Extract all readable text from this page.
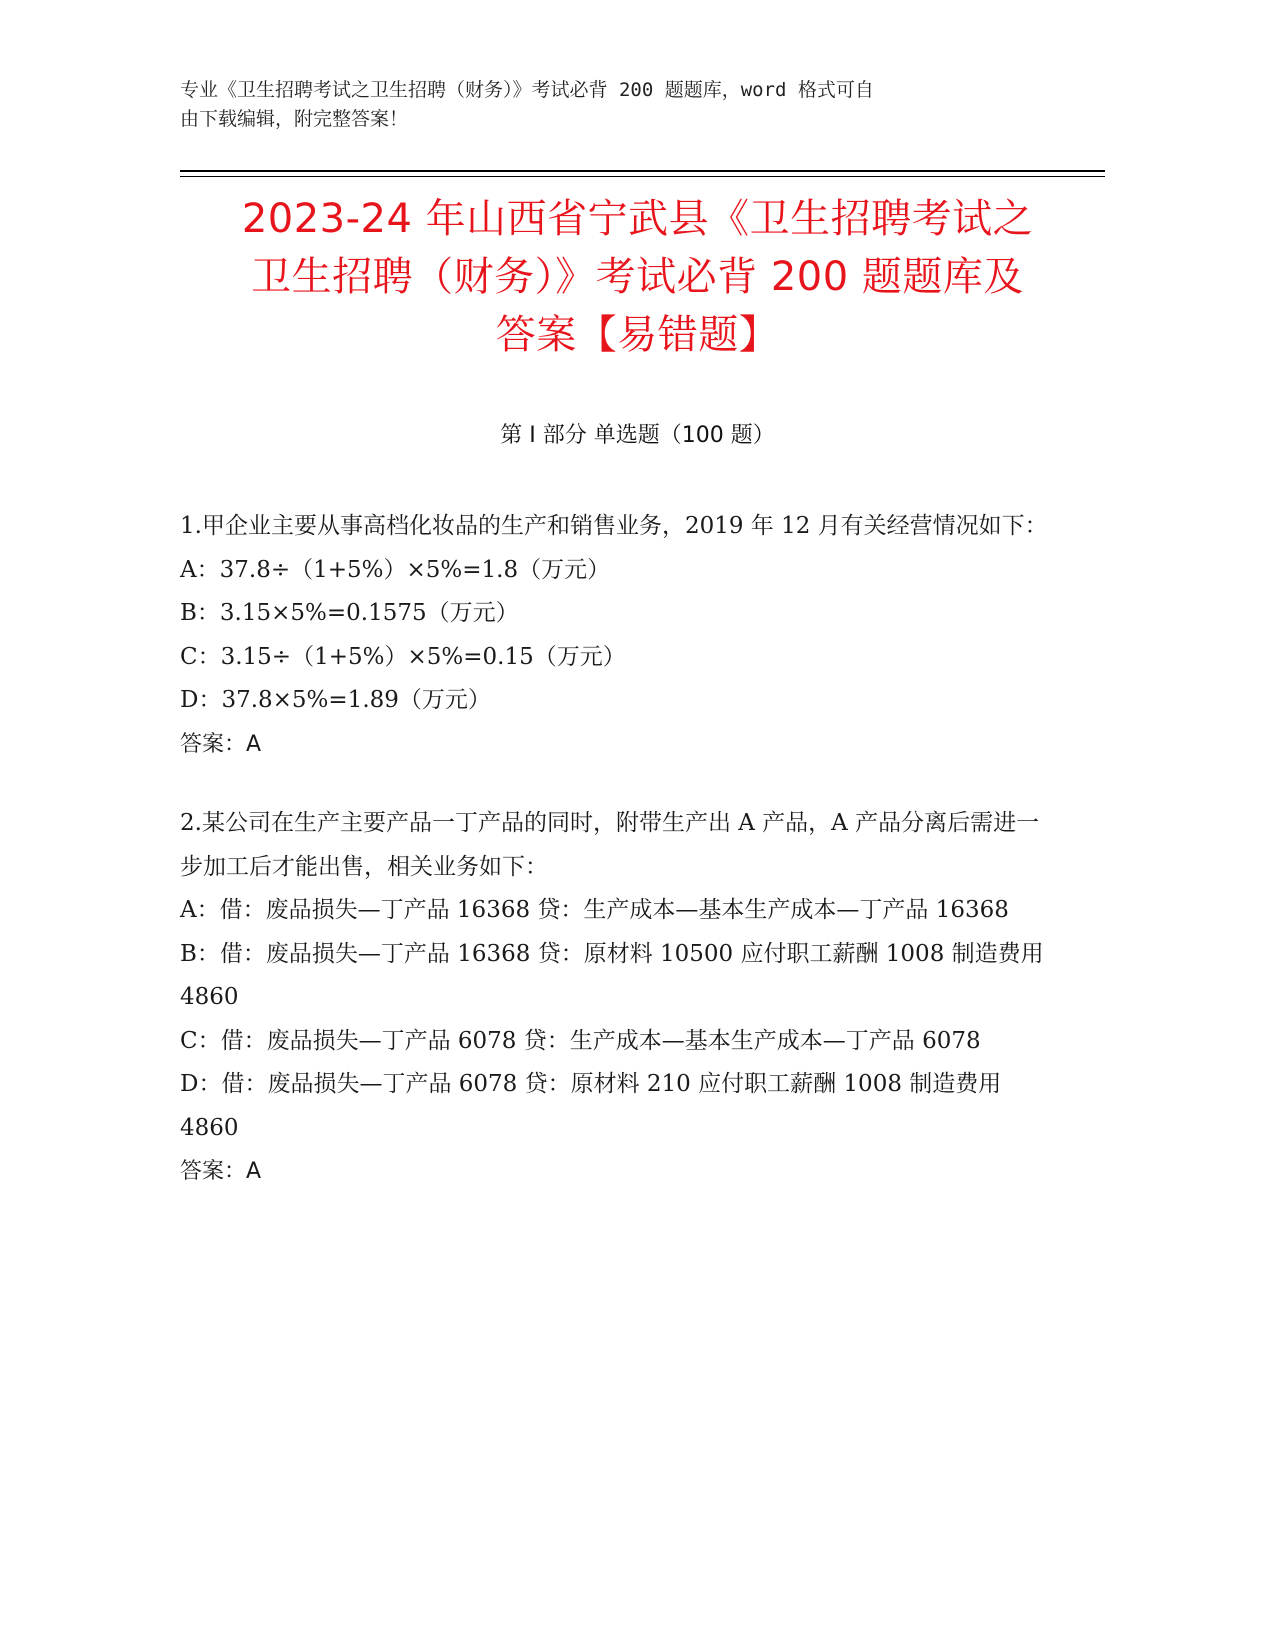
专业《卫生招聘考试之卫生招聘（财务）》考试必背 200 题题库，word 格式可自
由下载编辑，附完整答案！
2023-24 年山西省宁武县《卫生招聘考试之
卫生招聘（财务）》考试必背 200 题题库及
答案【易错题】
第 I 部分 单选题（100 题）

1.甲企业主要从事高档化妆品的生产和销售业务，2019 年 12 月有关经营情况如下：

A：37.8÷（1+5%）×5%=1.8（万元）

B：3.15×5%=0.1575（万元）

C：3.15÷（1+5%）×5%=0.15（万元）

D：37.8×5%=1.89（万元）

答案：A

2.某公司在生产主要产品一丁产品的同时，附带生产出 A 产品，A 产品分离后需进一步加工后才能出售，相关业务如下：

A：借：废品损失—丁产品 16368 贷：生产成本—基本生产成本—丁产品 16368

B：借：废品损失—丁产品 16368 贷：原材料 10500 应付职工薪酬 1008 制造费用 4860

C：借：废品损失—丁产品 6078 贷：生产成本—基本生产成本—丁产品 6078

D：借：废品损失—丁产品 6078 贷：原材料 210 应付职工薪酬 1008 制造费用 4860

答案：A
